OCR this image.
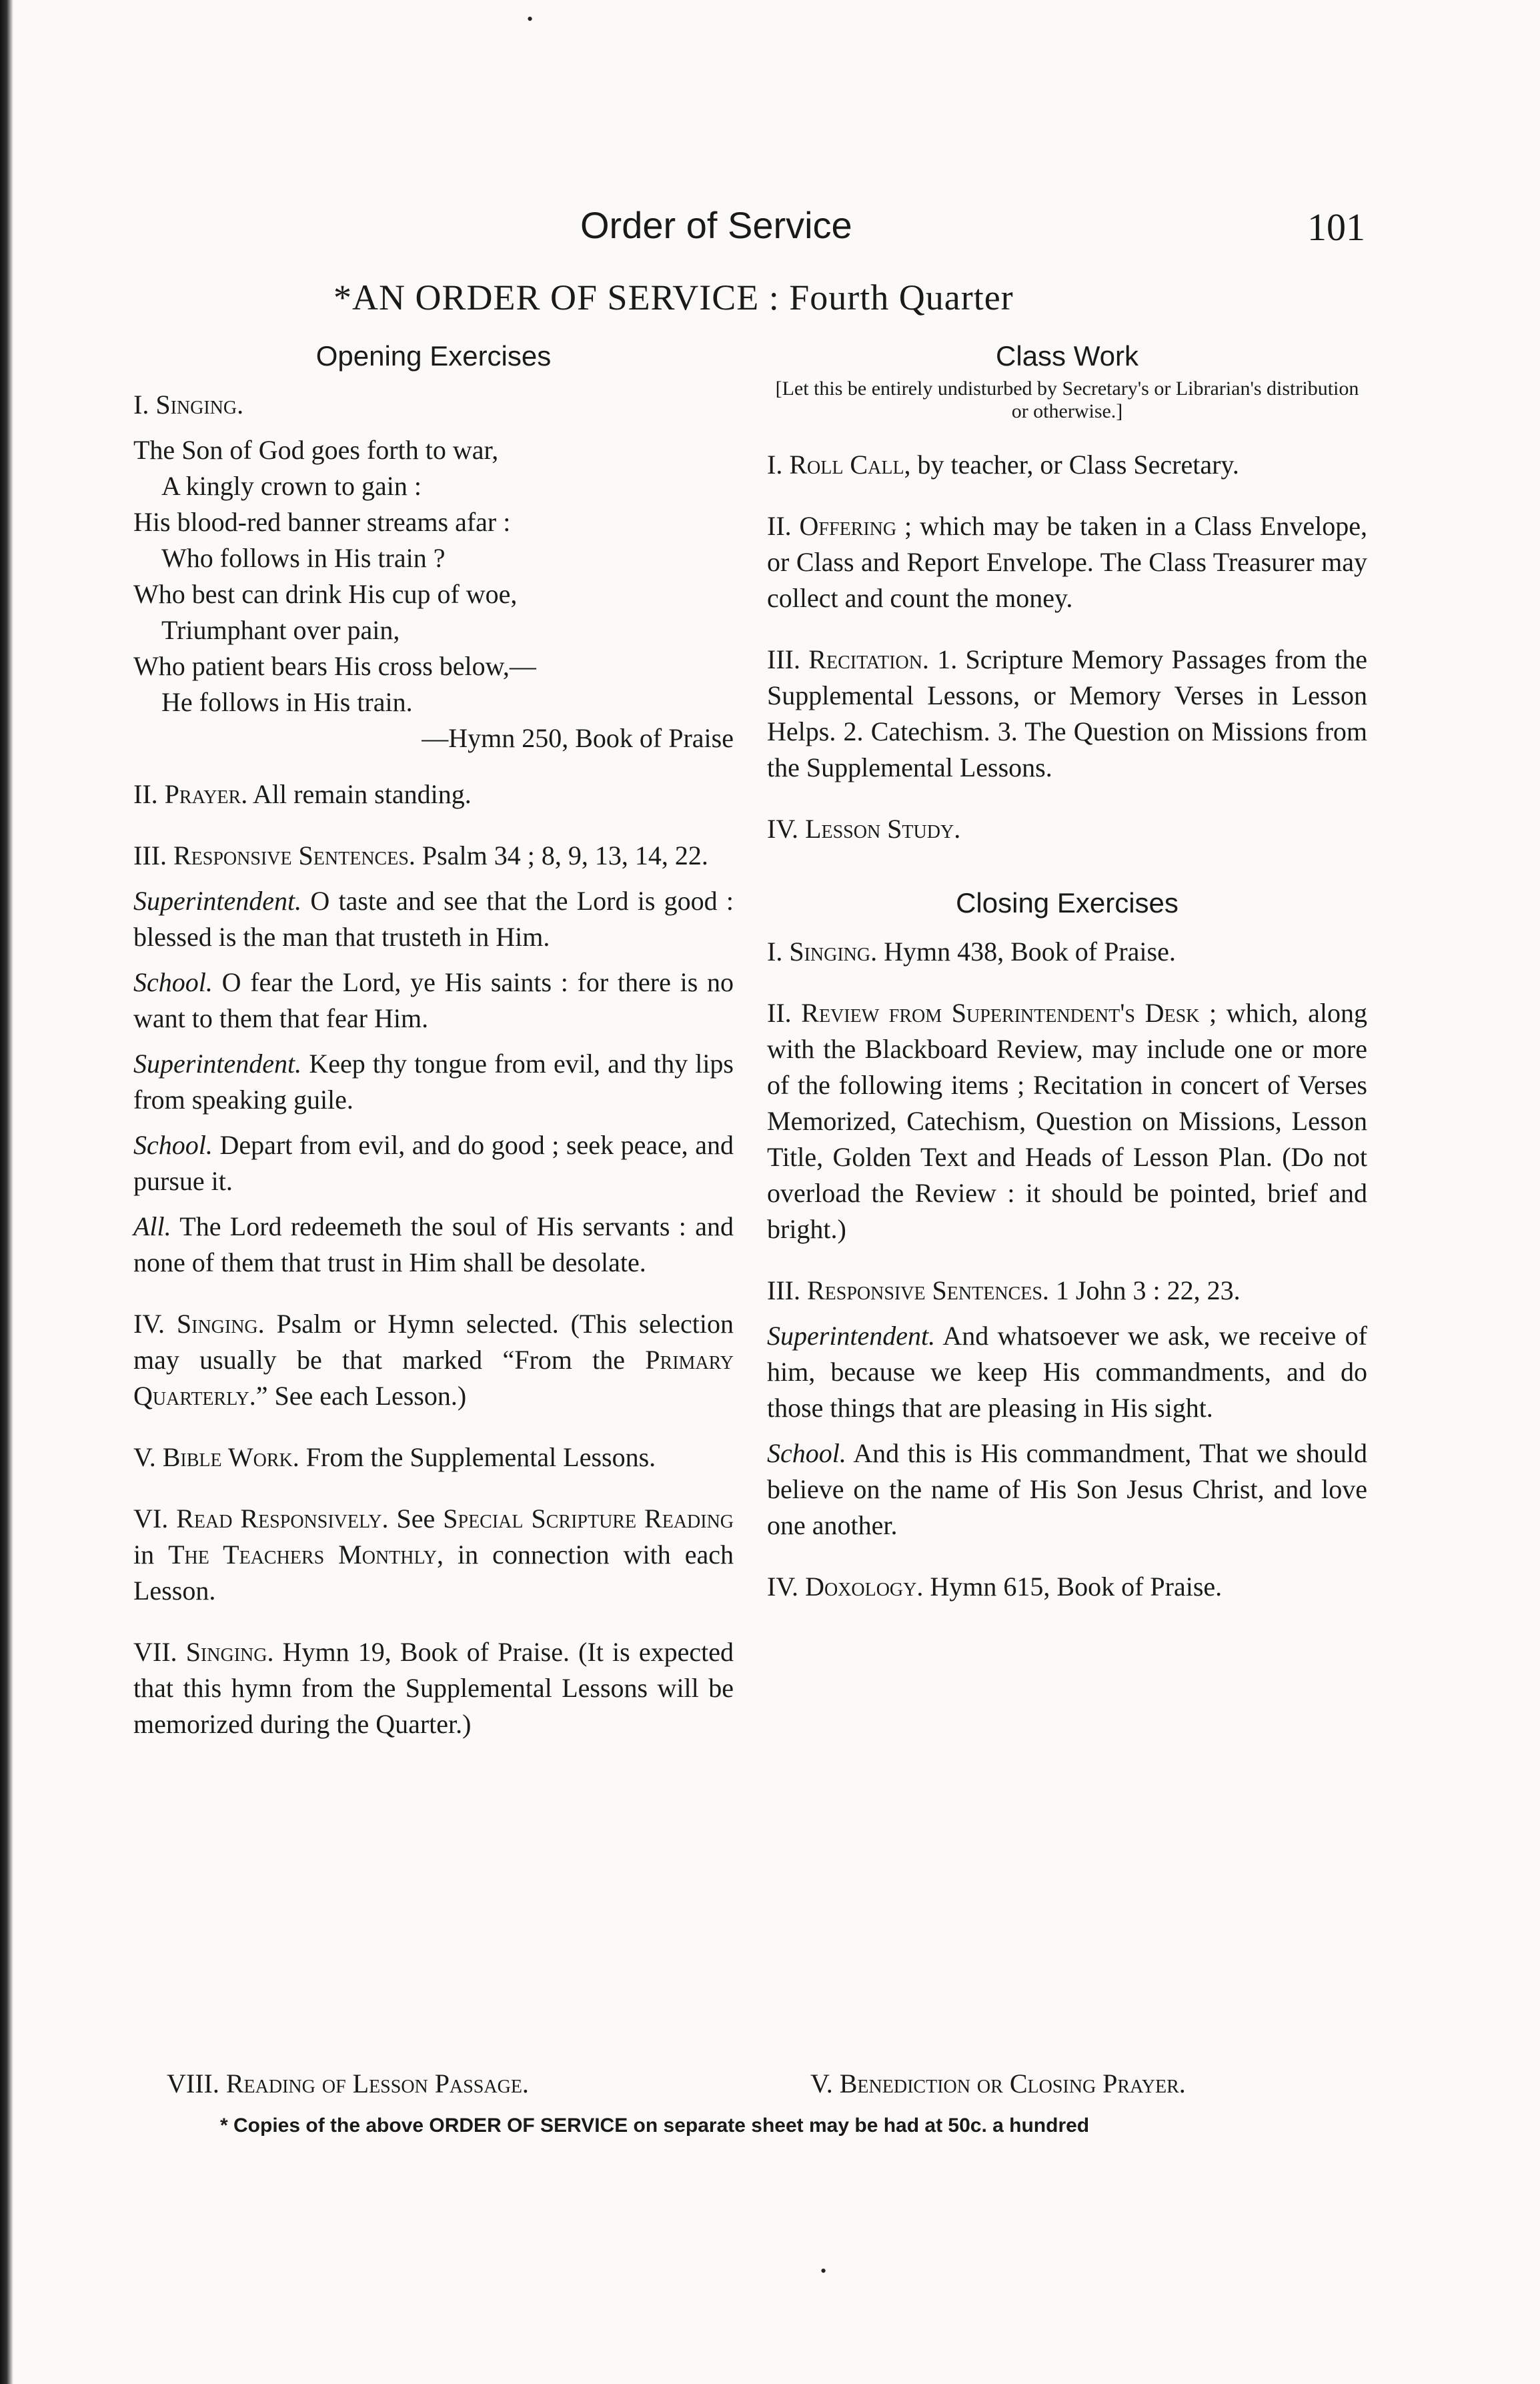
•
•
Order of Service	101
*AN ORDER OF SERVICE : Fourth Quarter
Opening Exercises
I. Singing.
The Son of God goes forth to war,
A kingly crown to gain :
His blood-red banner streams afar :
Who follows in His train ?
Who best can drink His cup of woe,
Triumphant over pain,
Who patient bears His cross below,—
He follows in His train.
—Hymn 250, Book of Praise
II. Prayer. All remain standing.
III. Responsive Sentences. Psalm 34 ; 8, 9, 13, 14, 22.
Superintendent. O taste and see that the Lord is good : blessed is the man that trusteth in Him.
School. O fear the Lord, ye His saints : for there is no want to them that fear Him.
Superintendent. Keep thy tongue from evil, and thy lips from speaking guile.
School. Depart from evil, and do good ; seek peace, and pursue it.
All. The Lord redeemeth the soul of His servants : and none of them that trust in Him shall be desolate.
IV. Singing. Psalm or Hymn selected. (This selection may usually be that marked “From the Primary Quarterly.” See each Lesson.)
V. Bible Work. From the Supplemental Lessons.
VI. Read Responsively. See Special Scripture Reading in The Teachers Monthly, in connection with each Lesson.
VII. Singing. Hymn 19, Book of Praise. (It is expected that this hymn from the Supplemental Lessons will be memorized during the Quarter.)
Class Work
[Let this be entirely undisturbed by Secretary's or Librarian's distribution or otherwise.]
I. Roll Call, by teacher, or Class Secretary.
II. Offering ; which may be taken in a Class Envelope, or Class and Report Envelope. The Class Treasurer may collect and count the money.
III. Recitation. 1. Scripture Memory Passages from the Supplemental Lessons, or Memory Verses in Lesson Helps. 2. Catechism. 3. The Question on Missions from the Supplemental Lessons.
IV. Lesson Study.
Closing Exercises
I. Singing. Hymn 438, Book of Praise.
II. Review from Superintendent's Desk ; which, along with the Blackboard Review, may include one or more of the following items ; Recitation in concert of Verses Memorized, Catechism, Question on Missions, Lesson Title, Golden Text and Heads of Lesson Plan. (Do not overload the Review : it should be pointed, brief and bright.)
III. Responsive Sentences. 1 John 3 : 22, 23.
Superintendent. And whatsoever we ask, we receive of him, because we keep His commandments, and do those things that are pleasing in His sight.
School. And this is His commandment, That we should believe on the name of His Son Jesus Christ, and love one another.
IV. Doxology. Hymn 615, Book of Praise.
VIII. Reading of Lesson Passage.	V. Benediction or Closing Prayer.
* Copies of the above ORDER OF SERVICE on separate sheet may be had at 50c. a hundred
